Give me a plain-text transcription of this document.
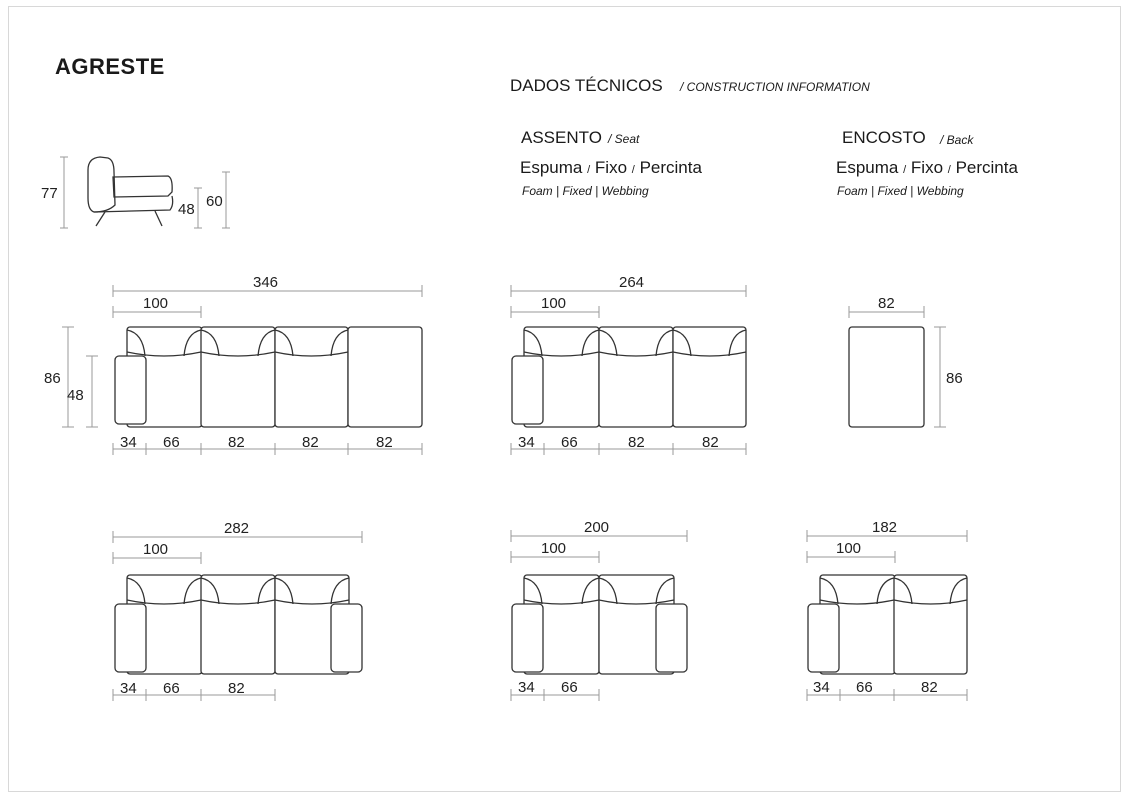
AGRESTE
DADOS TÉCNICOS / CONSTRUCTION INFORMATION
ASSENTO / Seat
Espuma / Fixo / Percinta
Foam | Fixed | Webbing
ENCOSTO / Back
Espuma / Fixo / Percinta
Foam | Fixed | Webbing
77
48 60
346
100
86
48
34 66	82	82	82
264
100
34 66	82	82
82
86
282
100
34 66	82
200
100
34 66
182
100
34 66	82
